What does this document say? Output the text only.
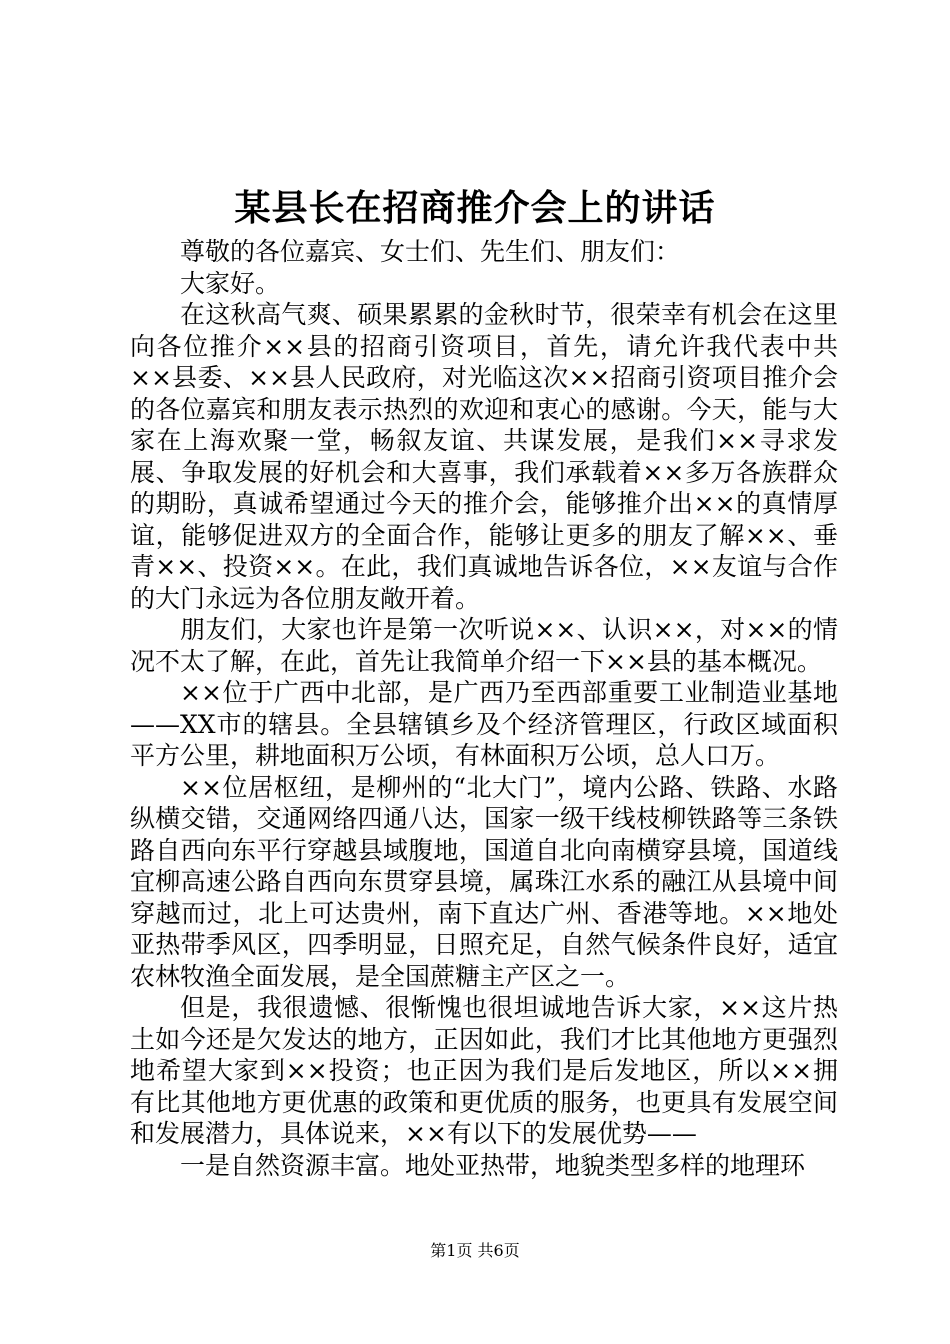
某县长在招商推介会上的讲话

尊敬的各位嘉宾、女士们、先生们、朋友们：

大家好。

在这秋高气爽、硕果累累的金秋时节，很荣幸有机会在这里向各位推介××县的招商引资项目，首先，请允许我代表中共××县委、××县人民政府，对光临这次××招商引资项目推介会的各位嘉宾和朋友表示热烈的欢迎和衷心的感谢。今天，能与大家在上海欢聚一堂，畅叙友谊、共谋发展，是我们××寻求发展、争取发展的好机会和大喜事，我们承载着××多万各族群众的期盼，真诚希望通过今天的推介会，能够推介出××的真情厚谊，能够促进双方的全面合作，能够让更多的朋友了解××、垂青××、投资××。在此，我们真诚地告诉各位，××友谊与合作的大门永远为各位朋友敞开着。

朋友们，大家也许是第一次听说××、认识××，对××的情况不太了解，在此，首先让我简单介绍一下××县的基本概况。

××位于广西中北部，是广西乃至西部重要工业制造业基地——XX市的辖县。全县辖镇乡及个经济管理区，行政区域面积平方公里，耕地面积万公顷，有林面积万公顷，总人口万。

××位居枢纽，是柳州的“北大门”，境内公路、铁路、水路纵横交错，交通网络四通八达，国家一级干线枝柳铁路等三条铁路自西向东平行穿越县域腹地，国道自北向南横穿县境，国道线宜柳高速公路自西向东贯穿县境，属珠江水系的融江从县境中间穿越而过，北上可达贵州，南下直达广州、香港等地。××地处亚热带季风区，四季明显，日照充足，自然气候条件良好，适宜农林牧渔全面发展，是全国蔗糖主产区之一。

但是，我很遗憾、很惭愧也很坦诚地告诉大家，××这片热土如今还是欠发达的地方，正因如此，我们才比其他地方更强烈地希望大家到××投资；也正因为我们是后发地区，所以××拥有比其他地方更优惠的政策和更优质的服务，也更具有发展空间和发展潜力，具体说来，××有以下的发展优势——

一是自然资源丰富。地处亚热带，地貌类型多样的地理环

第1页 共6页
